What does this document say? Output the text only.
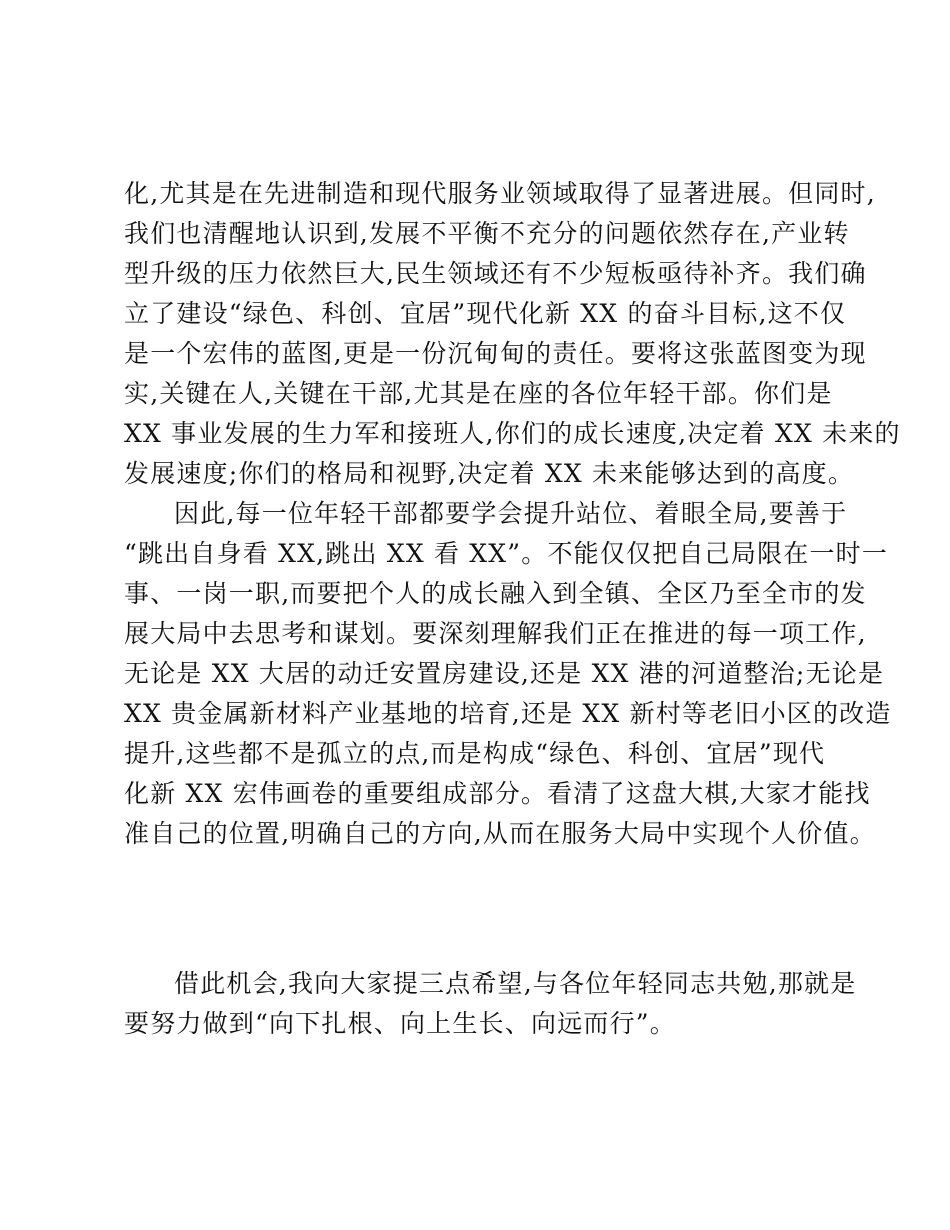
化,尤其是在先进制造和现代服务业领域取得了显著进展。但同时,
我们也清醒地认识到,发展不平衡不充分的问题依然存在,产业转
型升级的压力依然巨大,民生领域还有不少短板亟待补齐。我们确
立了建设“绿色、科创、宜居”现代化新 XX 的奋斗目标,这不仅
是一个宏伟的蓝图,更是一份沉甸甸的责任。要将这张蓝图变为现
实,关键在人,关键在干部,尤其是在座的各位年轻干部。你们是
XX 事业发展的生力军和接班人,你们的成长速度,决定着 XX 未来的
发展速度;你们的格局和视野,决定着 XX 未来能够达到的高度。
因此,每一位年轻干部都要学会提升站位、着眼全局,要善于
“跳出自身看 XX,跳出 XX 看 XX”。不能仅仅把自己局限在一时一
事、一岗一职,而要把个人的成长融入到全镇、全区乃至全市的发
展大局中去思考和谋划。要深刻理解我们正在推进的每一项工作,
无论是 XX 大居的动迁安置房建设,还是 XX 港的河道整治;无论是
XX 贵金属新材料产业基地的培育,还是 XX 新村等老旧小区的改造
提升,这些都不是孤立的点,而是构成“绿色、科创、宜居”现代
化新 XX 宏伟画卷的重要组成部分。看清了这盘大棋,大家才能找
准自己的位置,明确自己的方向,从而在服务大局中实现个人价值。
借此机会,我向大家提三点希望,与各位年轻同志共勉,那就是
要努力做到“向下扎根、向上生长、向远而行”。
